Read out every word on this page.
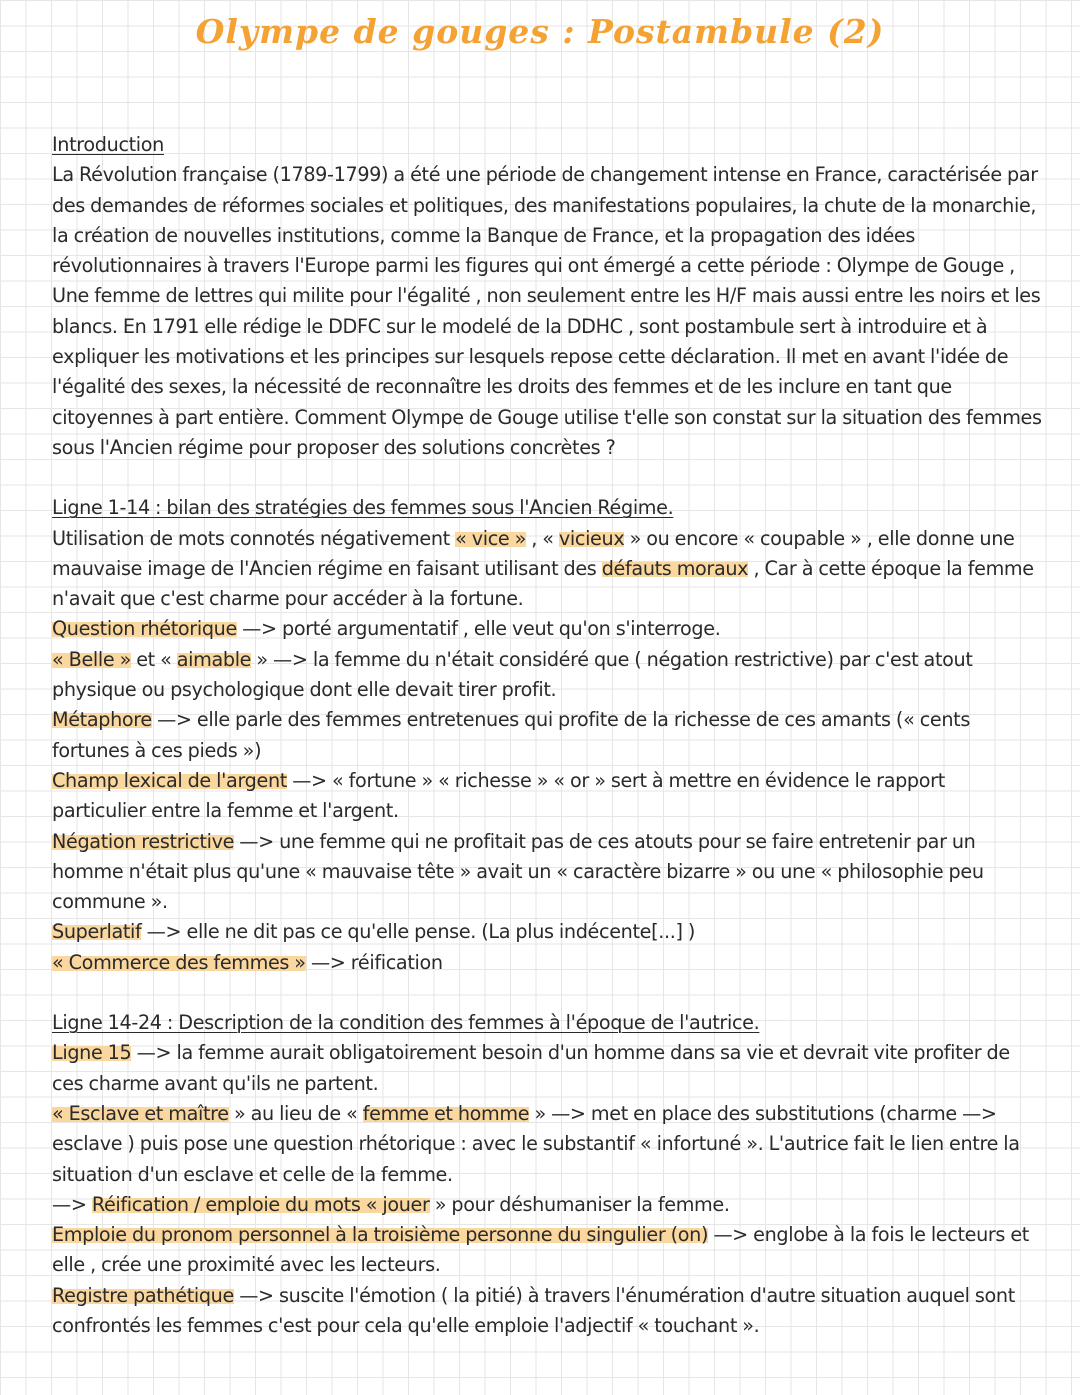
Olympe de gouges : Postambule (2)

Introduction

La Révolution française (1789-1799) a été une période de changement intense en France, caractérisée par des demandes de réformes sociales et politiques, des manifestations populaires, la chute de la monarchie, la création de nouvelles institutions, comme la Banque de France, et la propagation des idées révolutionnaires à travers l'Europe parmi les figures qui ont émergé a cette période : Olympe de Gouge , Une femme de lettres qui milite pour l'égalité , non seulement entre les H/F mais aussi entre les noirs et les blancs. En 1791 elle rédige le DDFC sur le modelé de la DDHC , sont postambule sert à introduire et à expliquer les motivations et les principes sur lesquels repose cette déclaration. Il met en avant l'idée de l'égalité des sexes, la nécessité de reconnaître les droits des femmes et de les inclure en tant que citoyennes à part entière. Comment Olympe de Gouge utilise t'elle son constat sur la situation des femmes sous l'Ancien régime pour proposer des solutions concrètes ?

Ligne 1-14 : bilan des stratégies des femmes sous l'Ancien Régime.

Utilisation de mots connotés négativement « vice » , « vicieux » ou encore « coupable » , elle donne une mauvaise image de l'Ancien régime en faisant utilisant des défauts moraux , Car à cette époque la femme n'avait que c'est charme pour accéder à la fortune.

Question rhétorique —> porté argumentatif , elle veut qu'on s'interroge.

« Belle » et « aimable » —> la femme du n'était considéré que ( négation restrictive) par c'est atout physique ou psychologique dont elle devait tirer profit.

Métaphore —> elle parle des femmes entretenues qui profite de la richesse de ces amants (« cents fortunes à ces pieds »)

Champ lexical de l'argent —> « fortune » « richesse » « or » sert à mettre en évidence le rapport particulier entre la femme et l'argent.

Négation restrictive —> une femme qui ne profitait pas de ces atouts pour se faire entretenir par un homme n'était plus qu'une « mauvaise tête » avait un « caractère bizarre » ou une « philosophie peu commune ».

Superlatif —> elle ne dit pas ce qu'elle pense. (La plus indécente[...] )

« Commerce des femmes » —> réification

Ligne 14-24 : Description de la condition des femmes à l'époque de l'autrice.

Ligne 15 —> la femme aurait obligatoirement besoin d'un homme dans sa vie et devrait vite profiter de ces charme avant qu'ils ne partent.

« Esclave et maître » au lieu de « femme et homme » —> met en place des substitutions (charme —> esclave ) puis pose une question rhétorique : avec le substantif « infortuné ». L'autrice fait le lien entre la situation d'un esclave et celle de la femme.

—> Réification / emploie du mots « jouer » pour déshumaniser la femme.

Emploie du pronom personnel à la troisième personne du singulier (on) —> englobe à la fois le lecteurs et elle , crée une proximité avec les lecteurs.

Registre pathétique —> suscite l'émotion ( la pitié) à travers l'énumération d'autre situation auquel sont confrontés les femmes c'est pour cela qu'elle emploie l'adjectif « touchant ».
